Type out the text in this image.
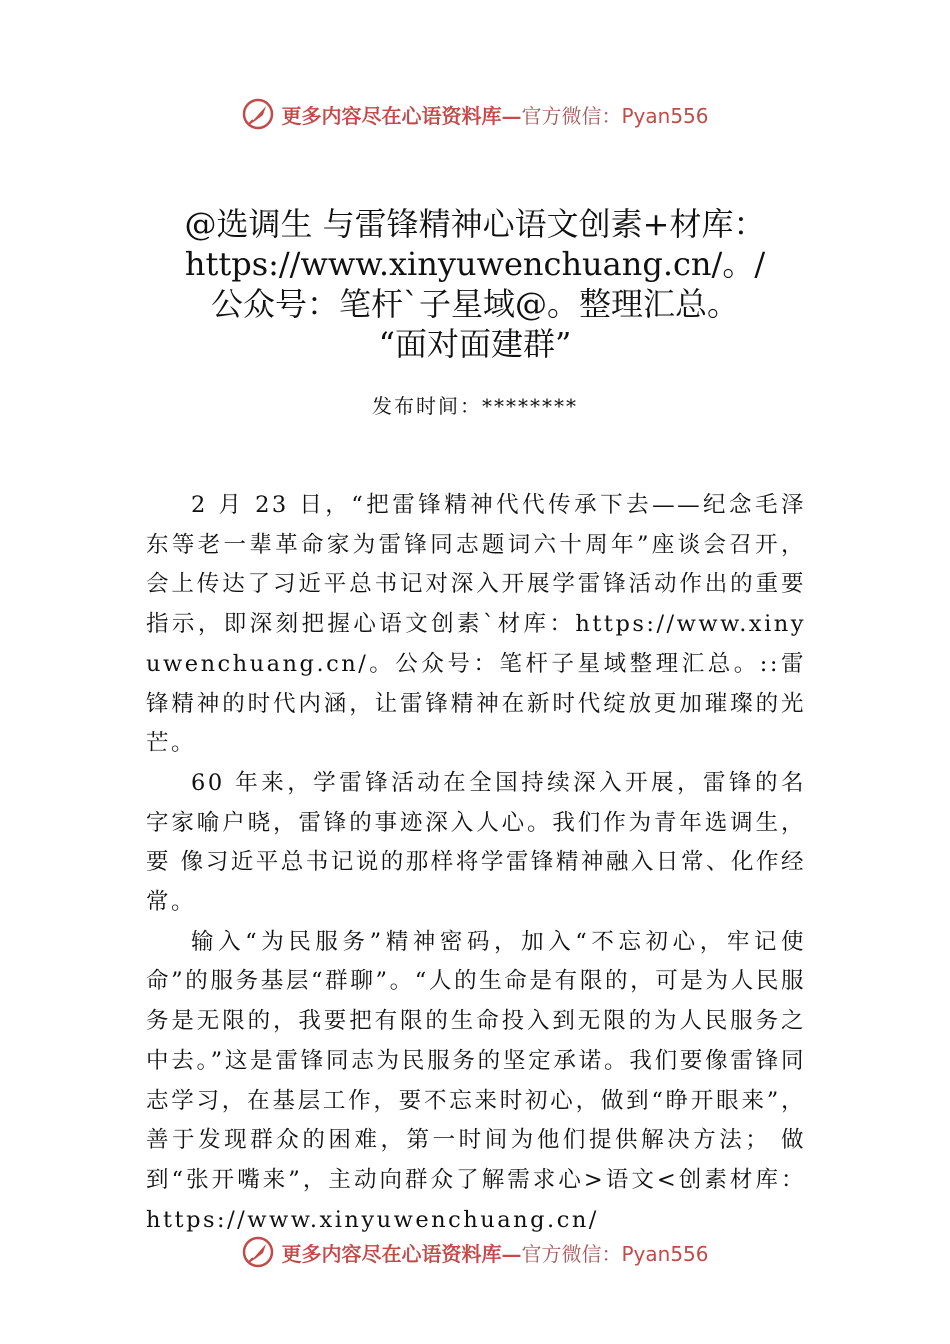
更多内容尽在心语资料库—官方微信：Pyan556
@选调生 与雷锋精神心语文创素+材库：
https://www.xinyuwenchuang.cn/。/
公众号：笔杆`子星域@。整理汇总。
“面对面建群”
发布时间：********

2 月 23 日，“把雷锋精神代代传承下去——纪念毛泽东等老一辈革命家为雷锋同志题词六十周年”座谈会召开，会上传达了习近平总书记对深入开展学雷锋活动作出的重要 指示，即深刻把握心语文创素`材库：https://www.xinyuwenchuang.cn/。公众号：笔杆子星域整理汇总。::雷锋精神的时代内涵，让雷锋精神在新时代绽放更加璀璨的光芒。

60 年来，学雷锋活动在全国持续深入开展，雷锋的名字家喻户晓，雷锋的事迹深入人心。我们作为青年选调生，要 像习近平总书记说的那样将学雷锋精神融入日常、化作经常。

输入“为民服务”精神密码，加入“不忘初心，牢记使命”的服务基层“群聊”。“人的生命是有限的，可是为人民服务是无限的，我要把有限的生命投入到无限的为人民服务之中去。”这是雷锋同志为民服务的坚定承诺。我们要像雷锋同志学习，在基层工作，要不忘来时初心，做到“睁开眼来”，善于发现群众的困难，第一时间为他们提供解决方法； 做到“张开嘴来”，主动向群众了解需求心>语文<创素材库：https://www.xinyuwenchuang.cn/

更多内容尽在心语资料库—官方微信：Pyan556
